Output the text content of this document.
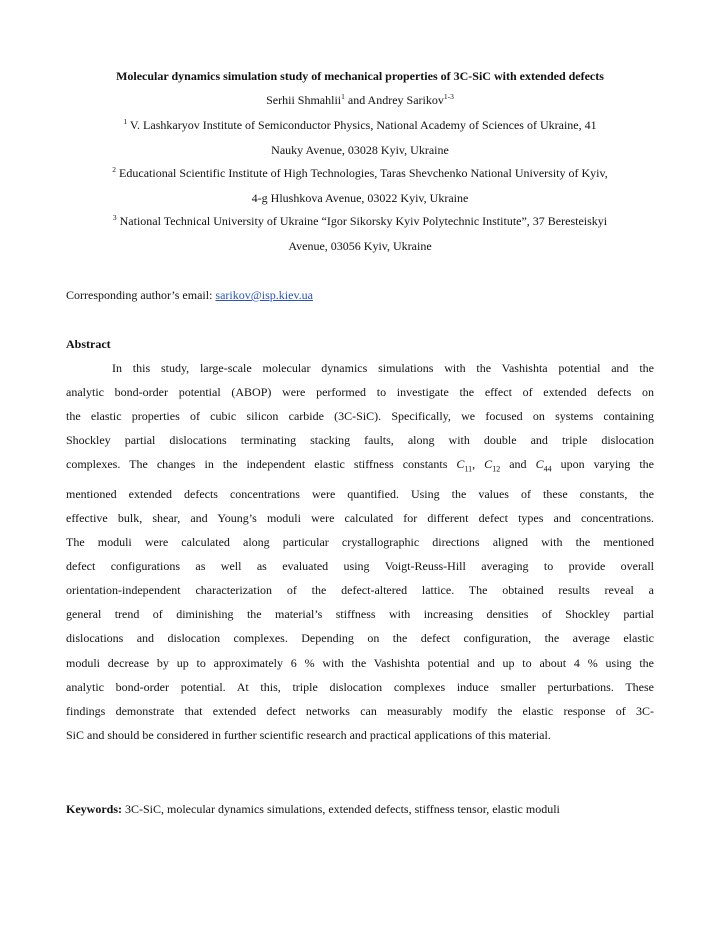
Molecular dynamics simulation study of mechanical properties of 3C-SiC with extended defects
Serhii Shmahlii$^1$ and Andrey Sarikov$^{1-3}$
$^1$ V. Lashkaryov Institute of Semiconductor Physics, National Academy of Sciences of Ukraine, 41
Nauky Avenue, 03028 Kyiv, Ukraine
$^2$ Educational Scientific Institute of High Technologies, Taras Shevchenko National University of Kyiv,
4-g Hlushkova Avenue, 03022 Kyiv, Ukraine
$^3$ National Technical University of Ukraine “Igor Sikorsky Kyiv Polytechnic Institute”, 37 Beresteiskyi
Avenue, 03056 Kyiv, Ukraine
Corresponding author’s email: sarikov@isp.kiev.ua
Abstract
In this study, large-scale molecular dynamics simulations with the Vashishta potential and the
analytic bond-order potential (ABOP) were performed to investigate the effect of extended defects on
the elastic properties of cubic silicon carbide (3C-SiC). Specifically, we focused on systems containing
Shockley partial dislocations terminating stacking faults, along with double and triple dislocation
complexes. The changes in the independent elastic stiffness constants $C_{11}$, $C_{12}$ and $C_{44}$ upon varying the
mentioned extended defects concentrations were quantified. Using the values of these constants, the
effective bulk, shear, and Young’s moduli were calculated for different defect types and concentrations.
The moduli were calculated along particular crystallographic directions aligned with the mentioned
defect configurations as well as evaluated using Voigt-Reuss-Hill averaging to provide overall
orientation-independent characterization of the defect-altered lattice. The obtained results reveal a
general trend of diminishing the material’s stiffness with increasing densities of Shockley partial
dislocations and dislocation complexes. Depending on the defect configuration, the average elastic
moduli decrease by up to approximately 6 % with the Vashishta potential and up to about 4 % using the
analytic bond-order potential. At this, triple dislocation complexes induce smaller perturbations. These
findings demonstrate that extended defect networks can measurably modify the elastic response of 3C-
SiC and should be considered in further scientific research and practical applications of this material.
Keywords: 3C-SiC, molecular dynamics simulations, extended defects, stiffness tensor, elastic moduli
